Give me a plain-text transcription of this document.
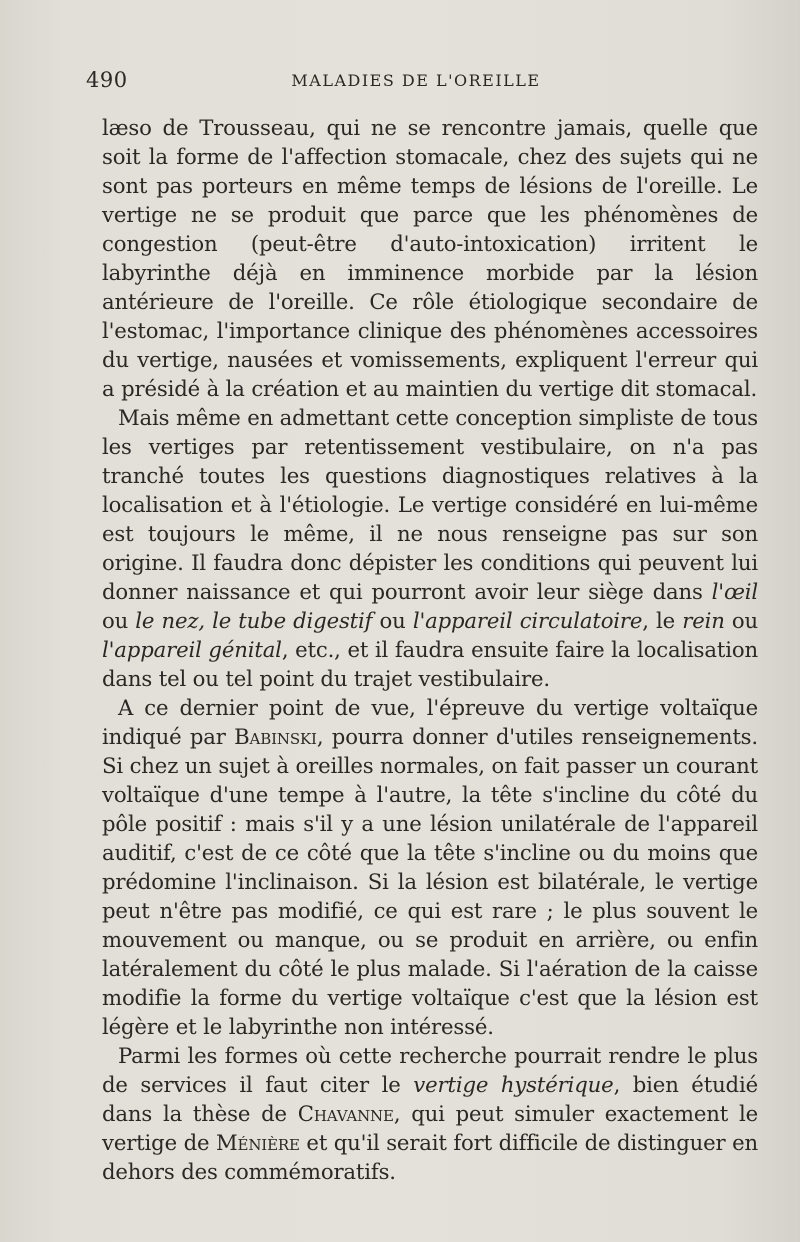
490	MALADIES DE L'OREILLE

læso de Trousseau, qui ne se rencontre jamais, quelle que soit la forme de l'affection stomacale, chez des sujets qui ne sont pas porteurs en même temps de lésions de l'oreille. Le vertige ne se produit que parce que les phénomènes de congestion (peut-être d'auto-intoxication) irritent le labyrinthe déjà en imminence morbide par la lésion antérieure de l'oreille. Ce rôle étiologique secondaire de l'estomac, l'importance clinique des phénomènes accessoires du vertige, nausées et vomissements, expliquent l'erreur qui a présidé à la création et au maintien du vertige dit stomacal.

Mais même en admettant cette conception simpliste de tous les vertiges par retentissement vestibulaire, on n'a pas tranché toutes les questions diagnostiques relatives à la localisation et à l'étiologie. Le vertige considéré en lui-même est toujours le même, il ne nous renseigne pas sur son origine. Il faudra donc dépister les conditions qui peuvent lui donner naissance et qui pourront avoir leur siège dans l'œil ou le nez, le tube digestif ou l'appareil circulatoire, le rein ou l'appareil génital, etc., et il faudra ensuite faire la localisation dans tel ou tel point du trajet vestibulaire.

A ce dernier point de vue, l'épreuve du vertige voltaïque indiqué par Babinski, pourra donner d'utiles renseignements. Si chez un sujet à oreilles normales, on fait passer un courant voltaïque d'une tempe à l'autre, la tête s'incline du côté du pôle positif : mais s'il y a une lésion unilatérale de l'appareil auditif, c'est de ce côté que la tête s'incline ou du moins que prédomine l'inclinaison. Si la lésion est bilatérale, le vertige peut n'être pas modifié, ce qui est rare ; le plus souvent le mouvement ou manque, ou se produit en arrière, ou enfin latéralement du côté le plus malade. Si l'aération de la caisse modifie la forme du vertige voltaïque c'est que la lésion est légère et le labyrinthe non intéressé.

Parmi les formes où cette recherche pourrait rendre le plus de services il faut citer le vertige hystérique, bien étudié dans la thèse de Chavanne, qui peut simuler exactement le vertige de Ménière et qu'il serait fort difficile de distinguer en dehors des commémoratifs.
